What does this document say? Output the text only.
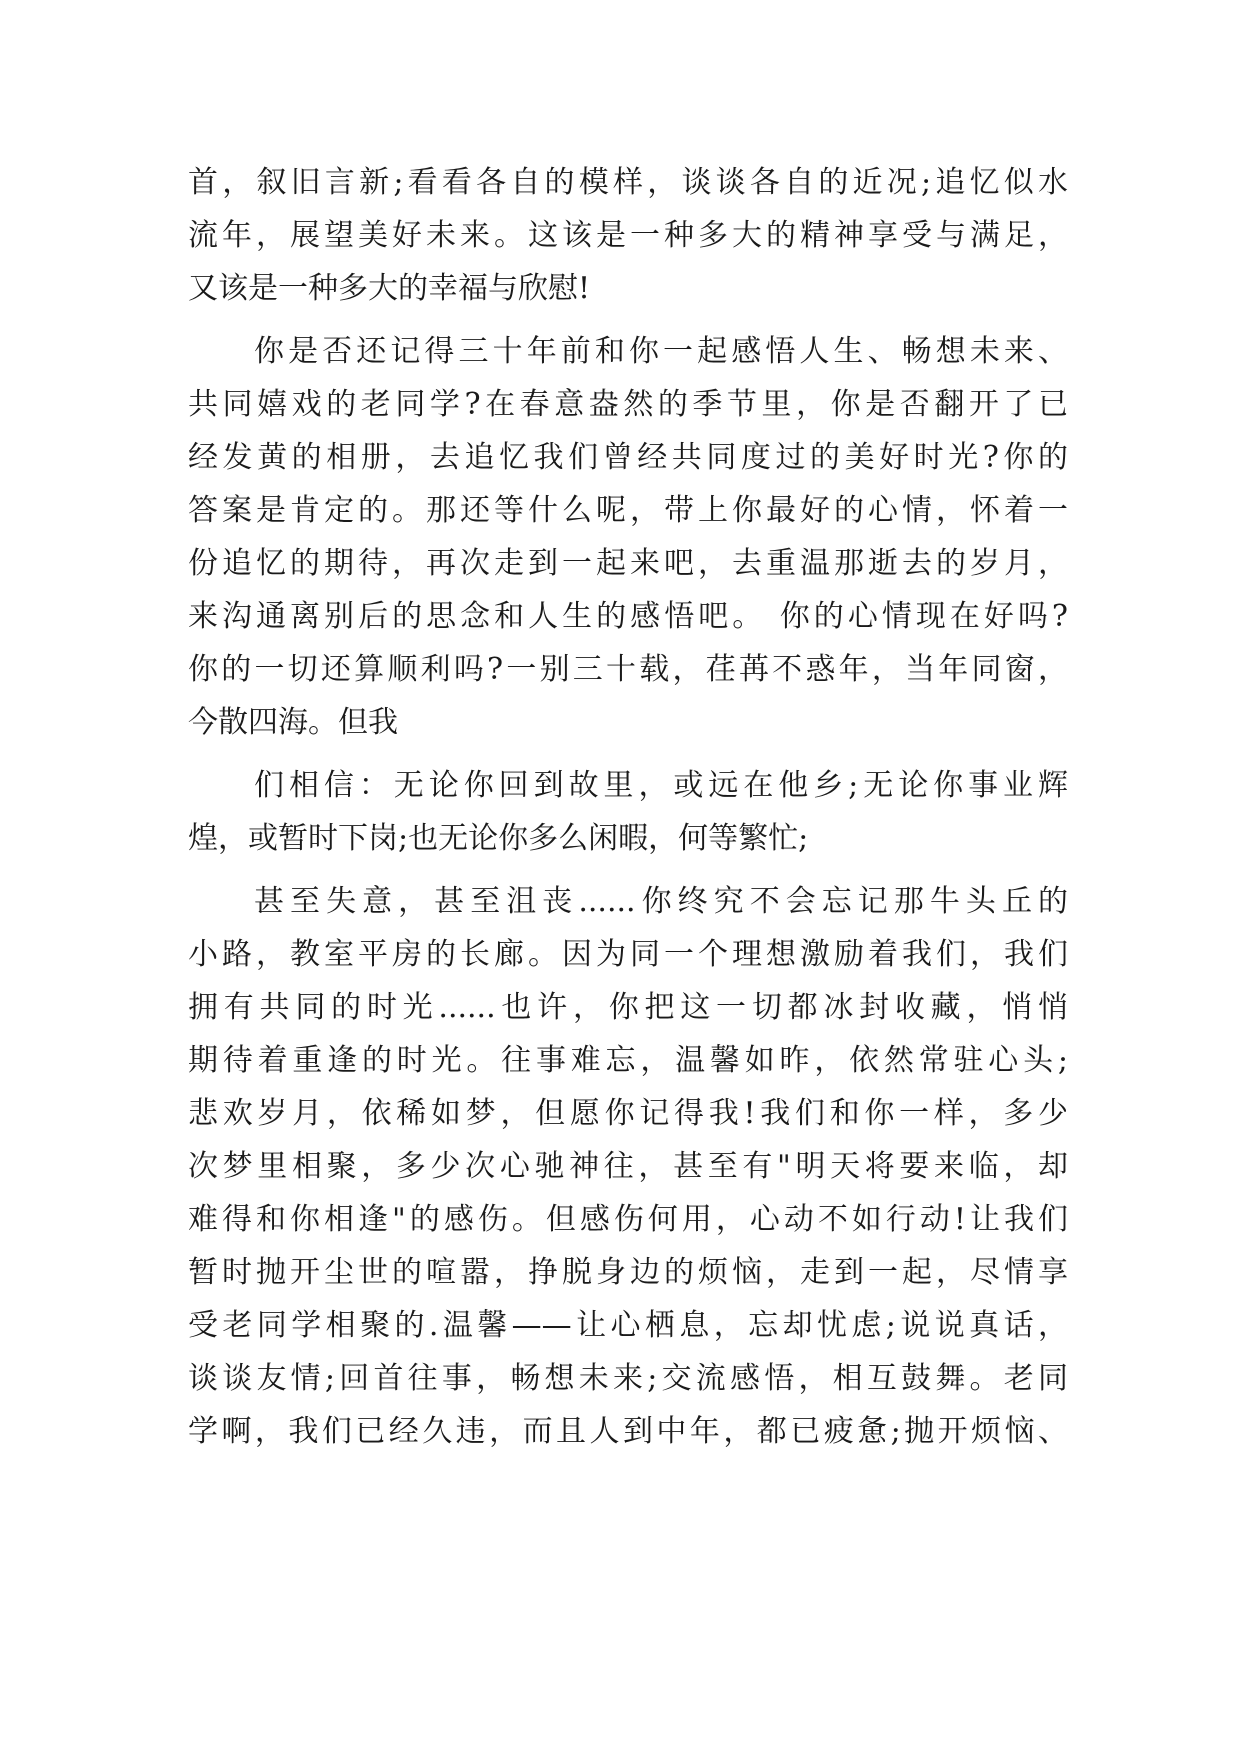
首，叙旧言新;看看各自的模样，谈谈各自的近况;追忆似水
流年，展望美好未来。这该是一种多大的精神享受与满足，
又该是一种多大的幸福与欣慰!
你是否还记得三十年前和你一起感悟人生、畅想未来、
共同嬉戏的老同学?在春意盎然的季节里，你是否翻开了已
经发黄的相册，去追忆我们曾经共同度过的美好时光?你的
答案是肯定的。那还等什么呢，带上你最好的心情，怀着一
份追忆的期待，再次走到一起来吧，去重温那逝去的岁月，
来沟通离别后的思念和人生的感悟吧。 你的心情现在好吗?
你的一切还算顺利吗?一别三十载，荏苒不惑年，当年同窗，
今散四海。但我
们相信：无论你回到故里，或远在他乡;无论你事业辉
煌，或暂时下岗;也无论你多么闲暇，何等繁忙;
甚至失意，甚至沮丧......你终究不会忘记那牛头丘的
小路，教室平房的长廊。因为同一个理想激励着我们，我们
拥有共同的时光......也许，你把这一切都冰封收藏，悄悄
期待着重逢的时光。往事难忘，温馨如昨，依然常驻心头;
悲欢岁月，依稀如梦，但愿你记得我!我们和你一样，多少
次梦里相聚，多少次心驰神往，甚至有"明天将要来临，却
难得和你相逢"的感伤。但感伤何用，心动不如行动!让我们
暂时抛开尘世的喧嚣，挣脱身边的烦恼，走到一起，尽情享
受老同学相聚的.温馨——让心栖息，忘却忧虑;说说真话，
谈谈友情;回首往事，畅想未来;交流感悟，相互鼓舞。老同
学啊，我们已经久违，而且人到中年，都已疲惫;抛开烦恼、
